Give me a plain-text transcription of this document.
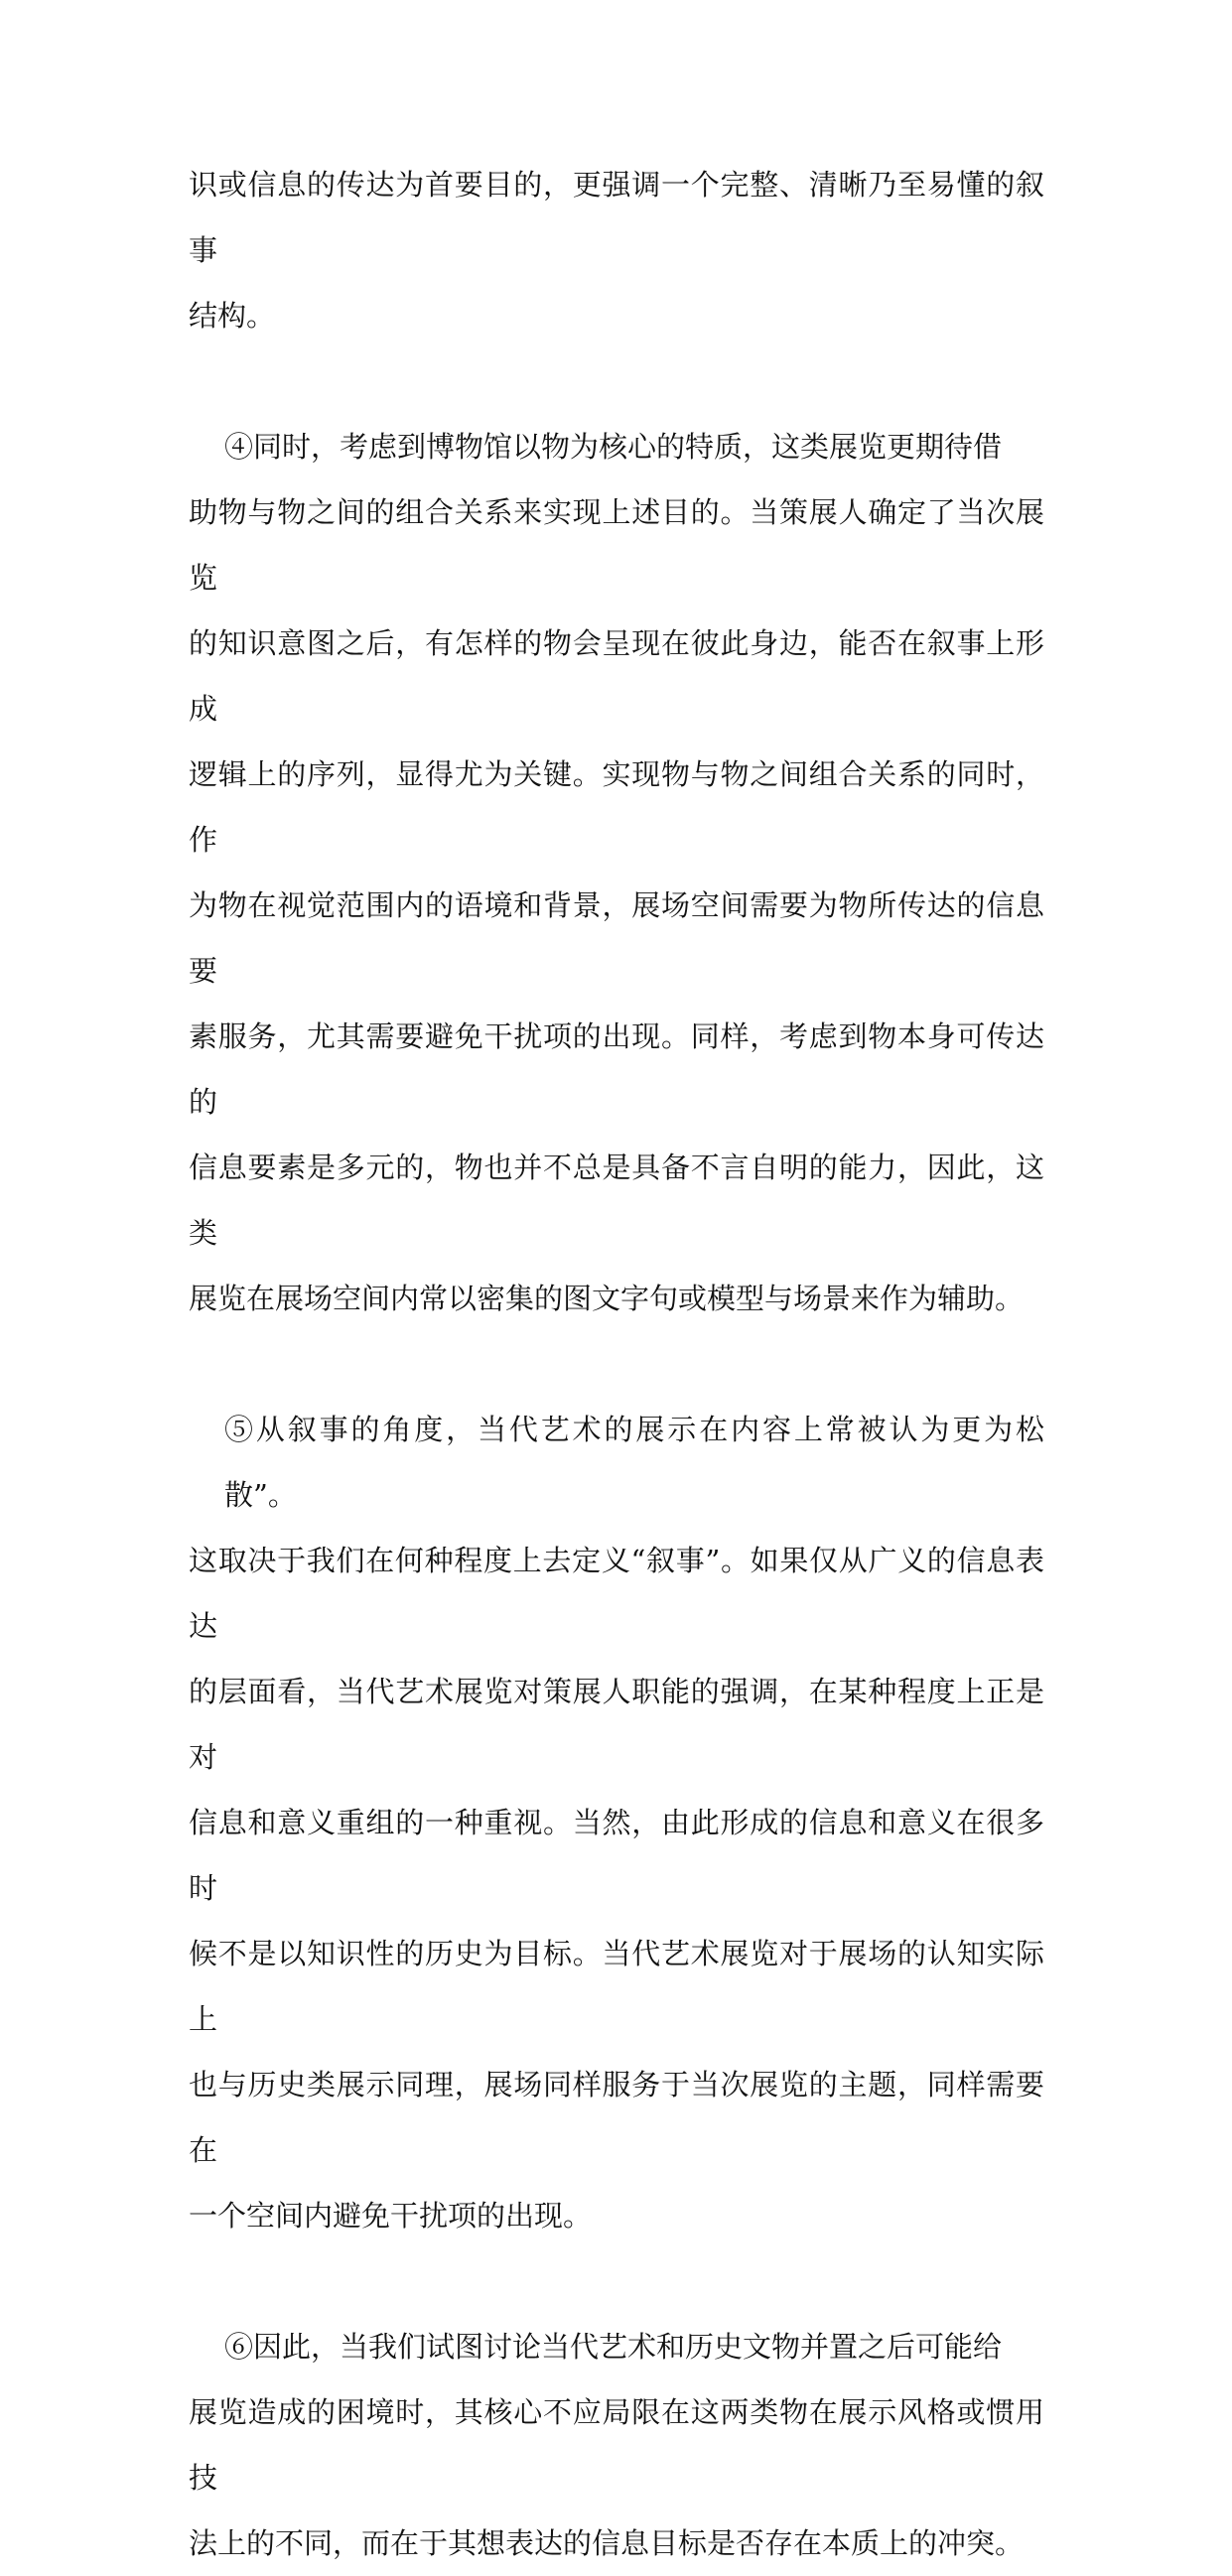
识或信息的传达为首要目的，更强调一个完整、清晰乃至易懂的叙事
结构。
④同时，考虑到博物馆以物为核心的特质，这类展览更期待借
助物与物之间的组合关系来实现上述目的。当策展人确定了当次展览
的知识意图之后，有怎样的物会呈现在彼此身边，能否在叙事上形成
逻辑上的序列，显得尤为关键。实现物与物之间组合关系的同时，作
为物在视觉范围内的语境和背景，展场空间需要为物所传达的信息要
素服务，尤其需要避免干扰项的出现。同样，考虑到物本身可传达的
信息要素是多元的，物也并不总是具备不言自明的能力，因此，这类
展览在展场空间内常以密集的图文字句或模型与场景来作为辅助。
⑤从叙事的角度，当代艺术的展示在内容上常被认为更为松散”。
这取决于我们在何种程度上去定义“叙事”。如果仅从广义的信息表达
的层面看，当代艺术展览对策展人职能的强调，在某种程度上正是对
信息和意义重组的一种重视。当然，由此形成的信息和意义在很多时
候不是以知识性的历史为目标。当代艺术展览对于展场的认知实际上
也与历史类展示同理，展场同样服务于当次展览的主题，同样需要在
一个空间内避免干扰项的出现。
⑥因此，当我们试图讨论当代艺术和历史文物并置之后可能给
展览造成的困境时，其核心不应局限在这两类物在展示风格或惯用技
法上的不同，而在于其想表达的信息目标是否存在本质上的冲突。
